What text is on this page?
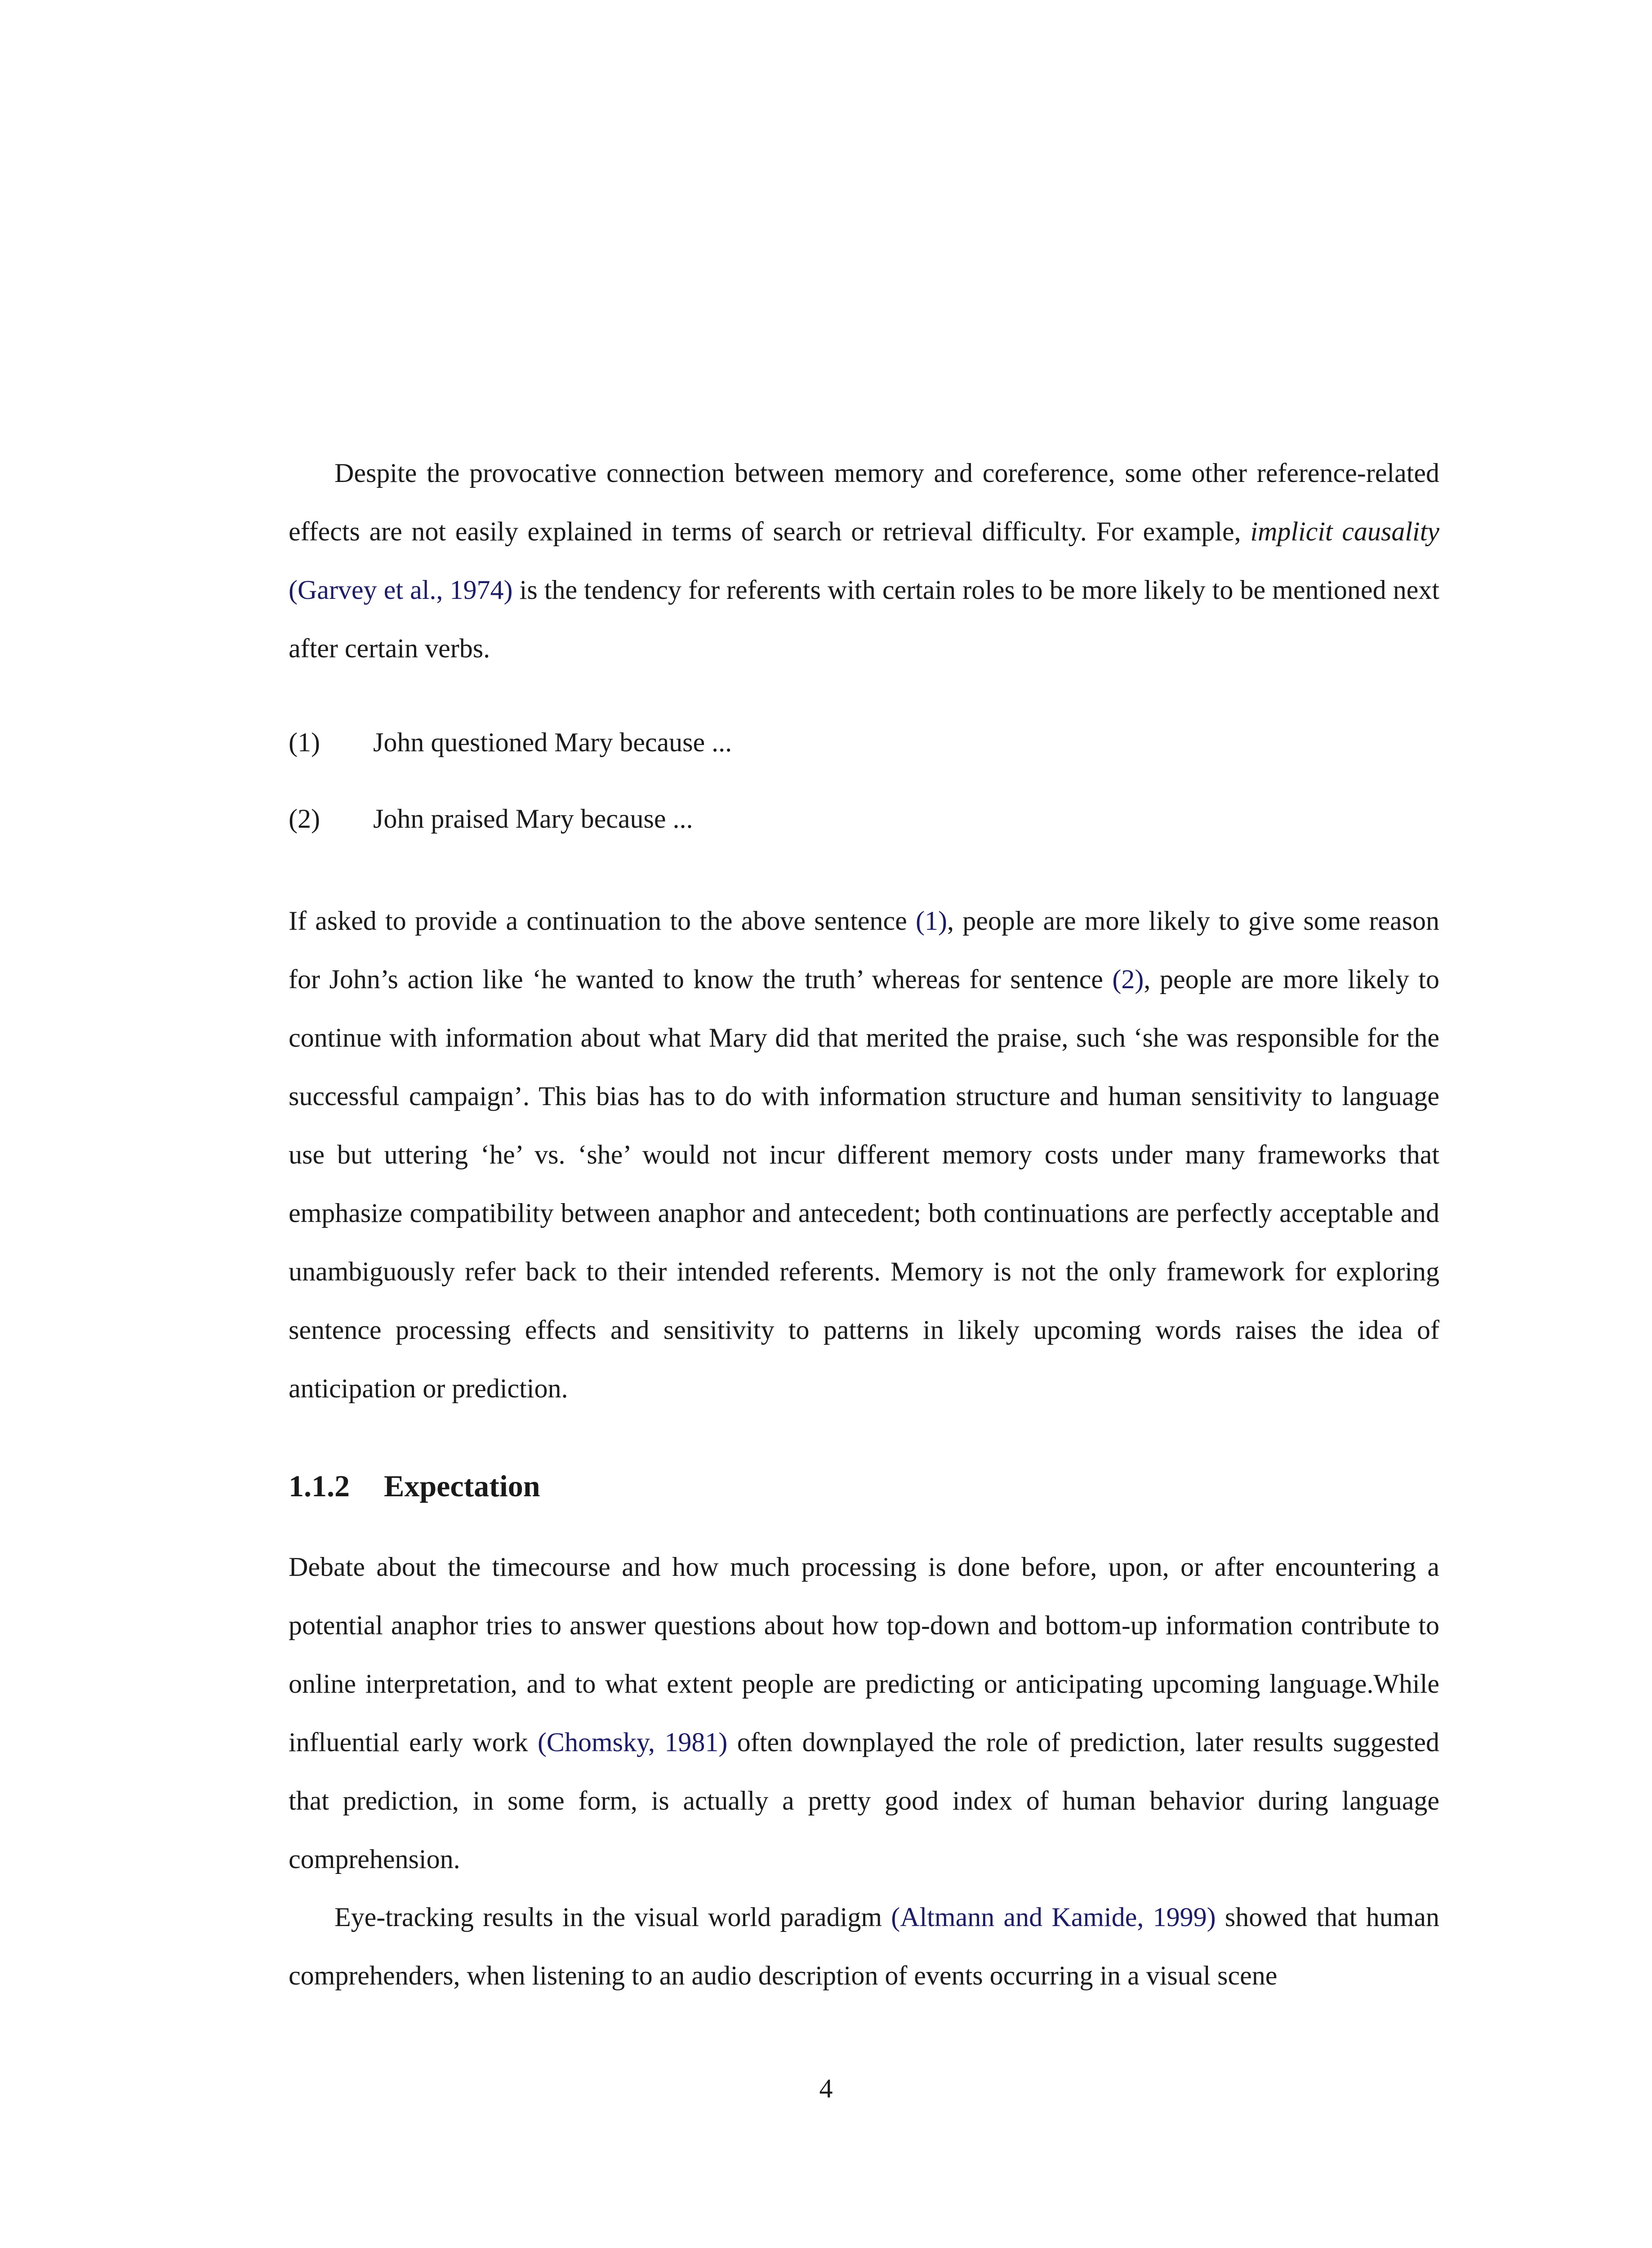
Despite the provocative connection between memory and coreference, some other reference-related effects are not easily explained in terms of search or retrieval difficulty. For example, implicit causality (Garvey et al., 1974) is the tendency for referents with certain roles to be more likely to be mentioned next after certain verbs.

(1) John questioned Mary because ...
(2) John praised Mary because ...

If asked to provide a continuation to the above sentence (1), people are more likely to give some reason for John’s action like ‘he wanted to know the truth’ whereas for sentence (2), people are more likely to continue with information about what Mary did that merited the praise, such ‘she was responsible for the successful campaign’. This bias has to do with information structure and human sensitivity to language use but uttering ‘he’ vs. ‘she’ would not incur different memory costs under many frameworks that emphasize compatibility between anaphor and antecedent; both continuations are perfectly acceptable and unambiguously refer back to their intended referents. Memory is not the only framework for exploring sentence processing effects and sensitivity to patterns in likely upcoming words raises the idea of anticipation or prediction.

1.1.2 Expectation

Debate about the timecourse and how much processing is done before, upon, or after encountering a potential anaphor tries to answer questions about how top-down and bottom-up information contribute to online interpretation, and to what extent people are predicting or anticipating upcoming language.While influential early work (Chomsky, 1981) often downplayed the role of prediction, later results suggested that prediction, in some form, is actually a pretty good index of human behavior during language comprehension.

Eye-tracking results in the visual world paradigm (Altmann and Kamide, 1999) showed that human comprehenders, when listening to an audio description of events occurring in a visual scene

4
